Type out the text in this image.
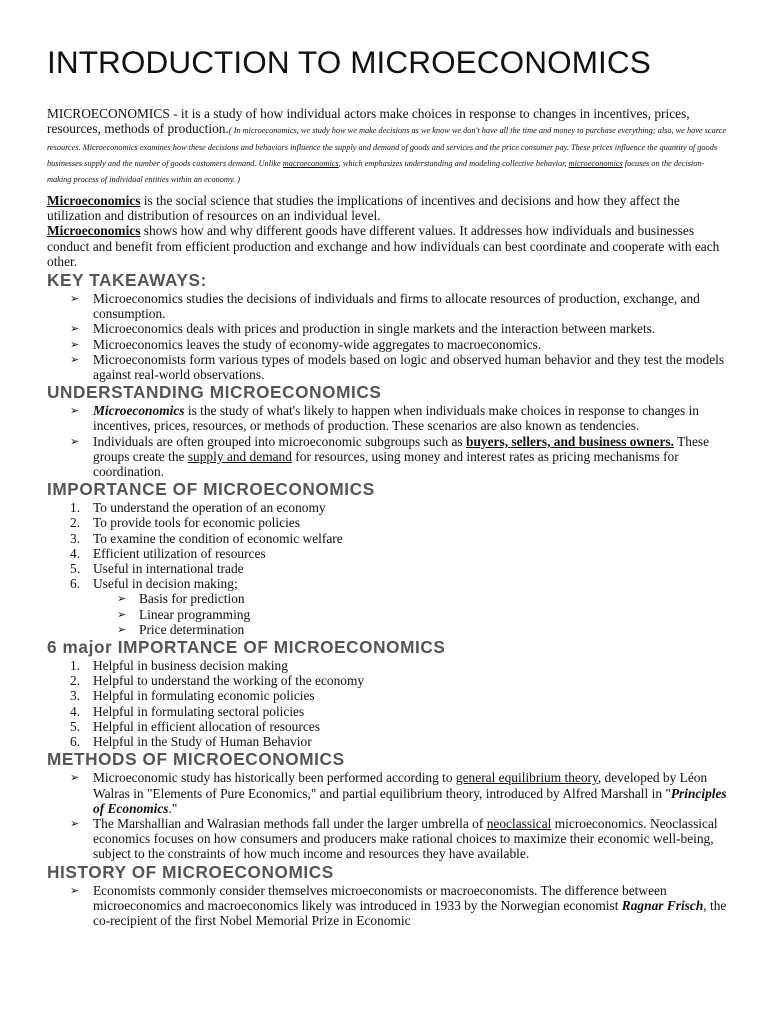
INTRODUCTION TO MICROECONOMICS
MICROECONOMICS - it is a study of how individual actors make choices in response to changes in incentives, prices, resources, methods of production.( In microeconomics, we study how we make decisions as we know we don't have all the time and money to purchase everything; also, we have scarce resources. Microeconomics examines how these decisions and behaviors influence the supply and demand of goods and services and the price consumer pay. These prices influence the quantity of goods businesses supply and the number of goods customers demand. Unlike macroeconomics, which emphasizes understanding and modeling collective behavior, microeconomics focuses on the decision-making process of individual entities within an economy. )

Microeconomics is the social science that studies the implications of incentives and decisions and how they affect the utilization and distribution of resources on an individual level.

Microeconomics shows how and why different goods have different values. It addresses how individuals and businesses conduct and benefit from efficient production and exchange and how individuals can best coordinate and cooperate with each other.

KEY TAKEAWAYS:
➢ Microeconomics studies the decisions of individuals and firms to allocate resources of production, exchange, and consumption.
➢ Microeconomics deals with prices and production in single markets and the interaction between markets.
➢ Microeconomics leaves the study of economy-wide aggregates to macroeconomics.
➢ Microeconomists form various types of models based on logic and observed human behavior and they test the models against real-world observations.
UNDERSTANDING MICROECONOMICS
➢ Microeconomics is the study of what's likely to happen when individuals make choices in response to changes in incentives, prices, resources, or methods of production. These scenarios are also known as tendencies.
➢ Individuals are often grouped into microeconomic subgroups such as buyers, sellers, and business owners. These groups create the supply and demand for resources, using money and interest rates as pricing mechanisms for coordination.
IMPORTANCE OF MICROECONOMICS
1. To understand the operation of an economy
2. To provide tools for economic policies
3. To examine the condition of economic welfare
4. Efficient utilization of resources
5. Useful in international trade
6. Useful in decision making;
➢ Basis for prediction
➢ Linear programming
➢ Price determination
6 major IMPORTANCE OF MICROECONOMICS
1. Helpful in business decision making
2. Helpful to understand the working of the economy
3. Helpful in formulating economic policies
4. Helpful in formulating sectoral policies
5. Helpful in efficient allocation of resources
6. Helpful in the Study of Human Behavior
METHODS OF MICROECONOMICS
➢ Microeconomic study has historically been performed according to general equilibrium theory, developed by Léon Walras in "Elements of Pure Economics," and partial equilibrium theory, introduced by Alfred Marshall in "Principles of Economics."
➢ The Marshallian and Walrasian methods fall under the larger umbrella of neoclassical microeconomics. Neoclassical economics focuses on how consumers and producers make rational choices to maximize their economic well-being, subject to the constraints of how much income and resources they have available.
HISTORY OF MICROECONOMICS
➢ Economists commonly consider themselves microeconomists or macroeconomists. The difference between microeconomics and macroeconomics likely was introduced in 1933 by the Norwegian economist Ragnar Frisch, the co-recipient of the first Nobel Memorial Prize in Economic
